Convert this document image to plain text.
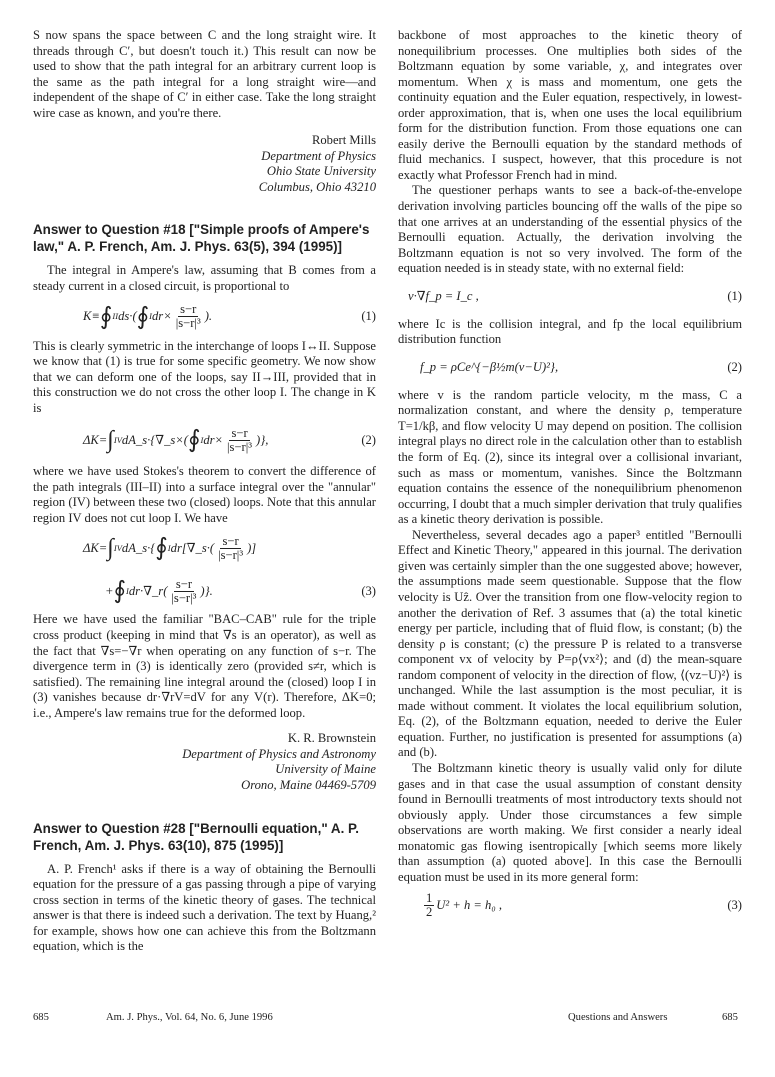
S now spans the space between C and the long straight wire. It threads through C′, but doesn't touch it.) This result can now be used to show that the path integral for an arbitrary current loop is the same as the path integral for a long straight wire—and independent of the shape of C′ in either case. Take the long straight wire case as known, and you're there.

Robert Mills
Department of Physics
Ohio State University
Columbus, Ohio 43210
Answer to Question #18 ["Simple proofs of Ampere's law," A. P. French, Am. J. Phys. 63(5), 394 (1995)]

The integral in Ampere's law, assuming that B comes from a steady current in a closed circuit, is proportional to

K≡ ∮ II ds·( ∮ I $dr\times \frac{s-r}{\text{|s−r|³}}$ ).	(1)

This is clearly symmetric in the interchange of loops I↔II. Suppose we know that (1) is true for some specific geometry. We now show that we can deform one of the loops, say II→III, provided that in this construction we do not cross the other loop I. The change in K is

ΔK= ∫ IV dA_s·{∇_s×( ∮ I $dr\times \frac{s-r}{\text{|s−r|³}}$ )},	(2)

where we have used Stokes's theorem to convert the difference of the path integrals (III–II) into a surface integral over the "annular" region (IV) between these two (closed) loops. Note that this annular region IV does not cut loop I. We have

ΔK= ∫ IV dA_s·{ ∮ I dr[∇_s·( $\frac{s-r}{\text{|s−r|³}}$ )]
+ ∮ I dr·∇_r( $\frac{s-r}{\text{|s−r|³}}$ )}.	(3)

Here we have used the familiar "BAC–CAB" rule for the triple cross product (keeping in mind that ∇s is an operator), as well as the fact that ∇s=−∇r when operating on any function of s−r. The divergence term in (3) is identically zero (provided s≠r, which is satisfied). The remaining line integral around the (closed) loop I in (3) vanishes because dr·∇rV=dV for any V(r). Therefore, ΔK=0; i.e., Ampere's law remains true for the deformed loop.

K. R. Brownstein
Department of Physics and Astronomy
University of Maine
Orono, Maine 04469-5709
Answer to Question #28 ["Bernoulli equation," A. P. French, Am. J. Phys. 63(10), 875 (1995)]

A. P. French¹ asks if there is a way of obtaining the Bernoulli equation for the pressure of a gas passing through a pipe of varying cross section in terms of the kinetic theory of gases. The technical answer is that there is indeed such a derivation. The text by Huang,² for example, shows how one can achieve this from the Boltzmann equation, which is the

backbone of most approaches to the kinetic theory of nonequilibrium processes. One multiplies both sides of the Boltzmann equation by some variable, χ, and integrates over momentum. When χ is mass and momentum, one gets the continuity equation and the Euler equation, respectively, in lowest-order approximation, that is, when one uses the local equilibrium form for the distribution function. From those equations one can easily derive the Bernoulli equation by the standard methods of fluid mechanics. I suspect, however, that this procedure is not exactly what Professor French had in mind.

The questioner perhaps wants to see a back-of-the-envelope derivation involving particles bouncing off the walls of the pipe so that one arrives at an understanding of the essential physics of the Bernoulli equation. Actually, the derivation involving the Boltzmann equation is not so very involved. The form of the equation needed is in steady state, with no external field:

v·∇f_p = I_c ,	(1)

where Ic is the collision integral, and fp the local equilibrium distribution function

f_p = ρCe^{−β½m(v−U)²},	(2)

where v is the random particle velocity, m the mass, C a normalization constant, and where the density ρ, temperature T=1/kβ, and flow velocity U may depend on position. The collision integral plays no direct role in the calculation other than to establish the form of Eq. (2), since its integral over a collisional invariant, such as mass or momentum, vanishes. Since the Boltzmann equation contains the essence of the nonequilibrium phenomenon occurring, I doubt that a much simpler derivation that truly qualifies as a kinetic theory derivation is possible.

Nevertheless, several decades ago a paper³ entitled "Bernoulli Effect and Kinetic Theory," appeared in this journal. The derivation given was certainly simpler than the one suggested above; however, the assumptions made seem questionable. Suppose that the flow velocity is Uẑ. Over the transition from one flow-velocity region to another the derivation of Ref. 3 assumes that (a) the total kinetic energy per particle, including that of fluid flow, is constant; (b) the density ρ is constant; (c) the pressure P is related to a transverse component vx of velocity by P=ρ⟨vx²⟩; and (d) the mean-square random component of velocity in the direction of flow, ⟨(vz−U)²⟩ is unchanged. While the last assumption is the most peculiar, it is made without comment. It violates the local equilibrium solution, Eq. (2), of the Boltzmann equation, needed to derive the Euler equation. Further, no justification is presented for assumptions (a) and (b).

The Boltzmann kinetic theory is usually valid only for dilute gases and in that case the usual assumption of constant density found in Bernoulli treatments of most introductory texts should not obviously apply. Under those circumstances a few simple observations are worth making. We first consider a nearly ideal monatomic gas flowing isentropically [which seems more likely than assumption (a) quoted above]. In this case the Bernoulli equation must be used in its more general form:

$\frac{1}{2} U^2 + h = h_0$ ,	(3)
685	Am. J. Phys., Vol. 64, No. 6, June 1996	Questions and Answers	685
